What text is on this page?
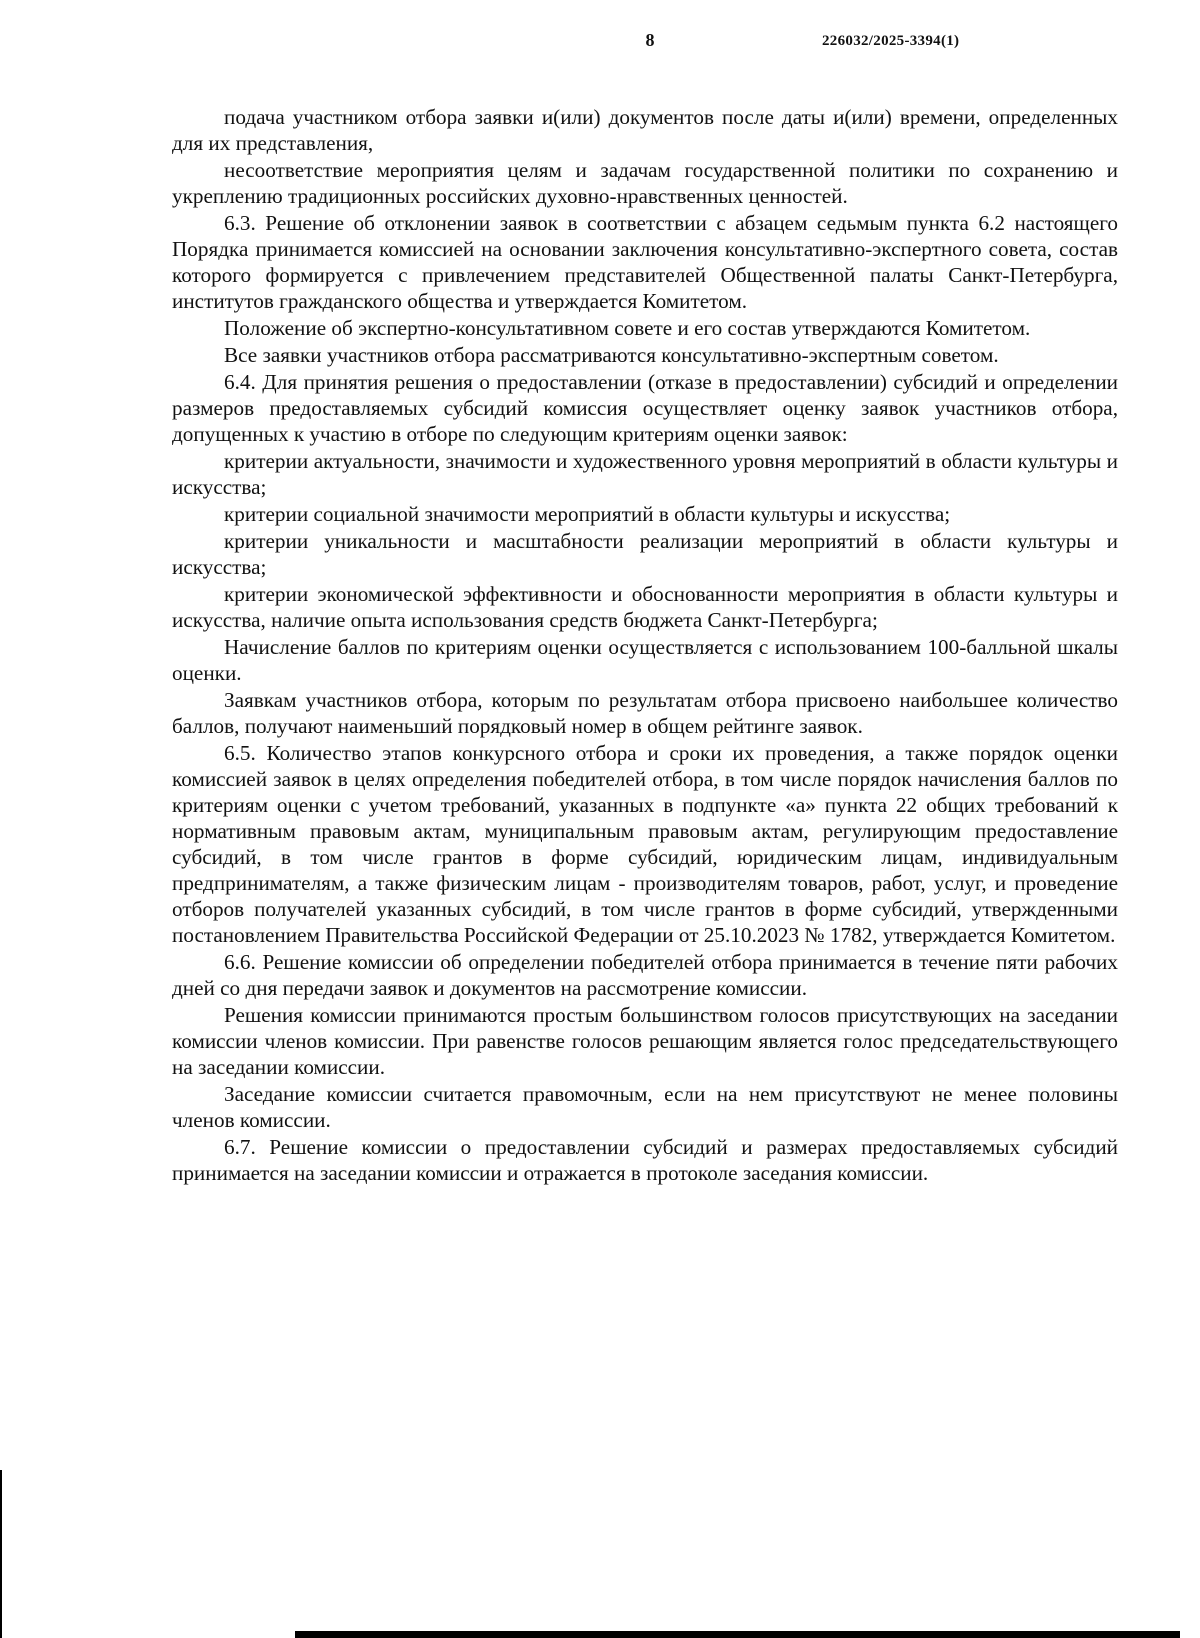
8	226032/2025-3394(1)

подача участником отбора заявки и(или) документов после даты и(или) времени, определенных для их представления,

несоответствие мероприятия целям и задачам государственной политики по сохранению и укреплению традиционных российских духовно-нравственных ценностей.

6.3. Решение об отклонении заявок в соответствии с абзацем седьмым пункта 6.2 настоящего Порядка принимается комиссией на основании заключения консультативно-экспертного совета, состав которого формируется с привлечением представителей Общественной палаты Санкт-Петербурга, институтов гражданского общества и утверждается Комитетом.

Положение об экспертно-консультативном совете и его состав утверждаются Комитетом.

Все заявки участников отбора рассматриваются консультативно-экспертным советом.

6.4. Для принятия решения о предоставлении (отказе в предоставлении) субсидий и определении размеров предоставляемых субсидий комиссия осуществляет оценку заявок участников отбора, допущенных к участию в отборе по следующим критериям оценки заявок:

критерии актуальности, значимости и художественного уровня мероприятий в области культуры и искусства;

критерии социальной значимости мероприятий в области культуры и искусства;

критерии уникальности и масштабности реализации мероприятий в области культуры и искусства;

критерии экономической эффективности и обоснованности мероприятия в области культуры и искусства, наличие опыта использования средств бюджета Санкт-Петербурга;

Начисление баллов по критериям оценки осуществляется с использованием 100-балльной шкалы оценки.

Заявкам участников отбора, которым по результатам отбора присвоено наибольшее количество баллов, получают наименьший порядковый номер в общем рейтинге заявок.

6.5. Количество этапов конкурсного отбора и сроки их проведения, а также порядок оценки комиссией заявок в целях определения победителей отбора, в том числе порядок начисления баллов по критериям оценки с учетом требований, указанных в подпункте «а» пункта 22 общих требований к нормативным правовым актам, муниципальным правовым актам, регулирующим предоставление субсидий, в том числе грантов в форме субсидий, юридическим лицам, индивидуальным предпринимателям, а также физическим лицам - производителям товаров, работ, услуг, и проведение отборов получателей указанных субсидий, в том числе грантов в форме субсидий, утвержденными постановлением Правительства Российской Федерации от 25.10.2023 № 1782, утверждается Комитетом.

6.6. Решение комиссии об определении победителей отбора принимается в течение пяти рабочих дней со дня передачи заявок и документов на рассмотрение комиссии.

Решения комиссии принимаются простым большинством голосов присутствующих на заседании комиссии членов комиссии. При равенстве голосов решающим является голос председательствующего на заседании комиссии.

Заседание комиссии считается правомочным, если на нем присутствуют не менее половины членов комиссии.

6.7. Решение комиссии о предоставлении субсидий и размерах предоставляемых субсидий принимается на заседании комиссии и отражается в протоколе заседания комиссии.
